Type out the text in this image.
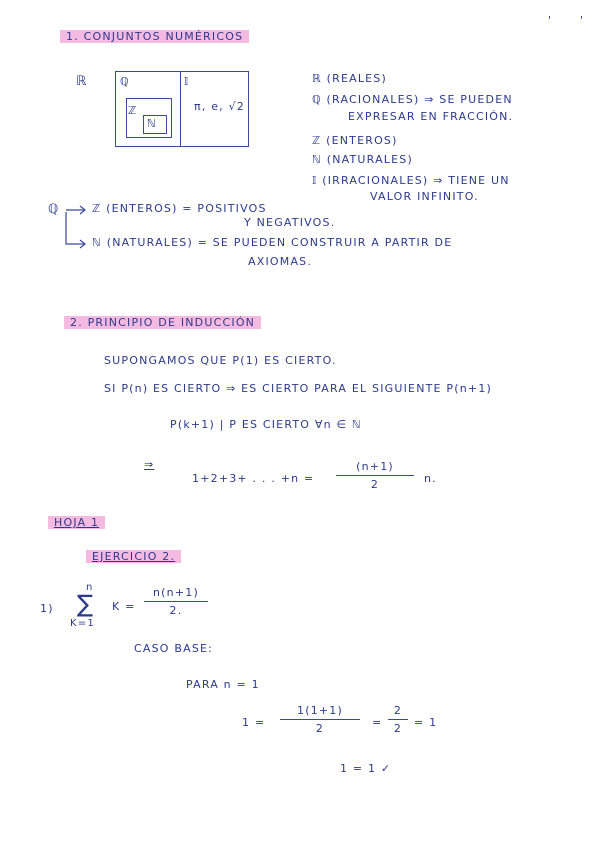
'	'
1. CONJUNTOS NUMÉRICOS
ℝ	ℚ	𝕀
ℤ
ℕ
π, e, √2
ℝ (REALES)
ℚ (RACIONALES) ⇒ SE PUEDEN
EXPRESAR EN FRACCIÓN.
ℤ (ENTEROS)
ℕ (NATURALES)
𝕀 (IRRACIONALES) ⇒ TIENE UN
VALOR INFINITO.
ℚ	ℤ (ENTEROS) = POSITIVOS
Y NEGATIVOS.
ℕ (NATURALES) = SE PUEDEN CONSTRUIR A PARTIR DE
AXIOMAS.
2. PRINCIPIO DE INDUCCIÓN
SUPONGAMOS QUE P(1) ES CIERTO.
SI P(n) ES CIERTO ⇒ ES CIERTO PARA EL SIGUIENTE P(n+1)
P(k+1) | P ES CIERTO ∀n ∈ ℕ
⇒
1+2+3+ . . . +n =
(n+1)
2	n.
HOJA 1
EJERCICIO 2.
1)
n
∑
K=1
K =
n(n+1)
2.
CASO BASE:
PARA n = 1
1 =
1(1+1)
2	=
2
2	= 1
1 = 1 ✓
